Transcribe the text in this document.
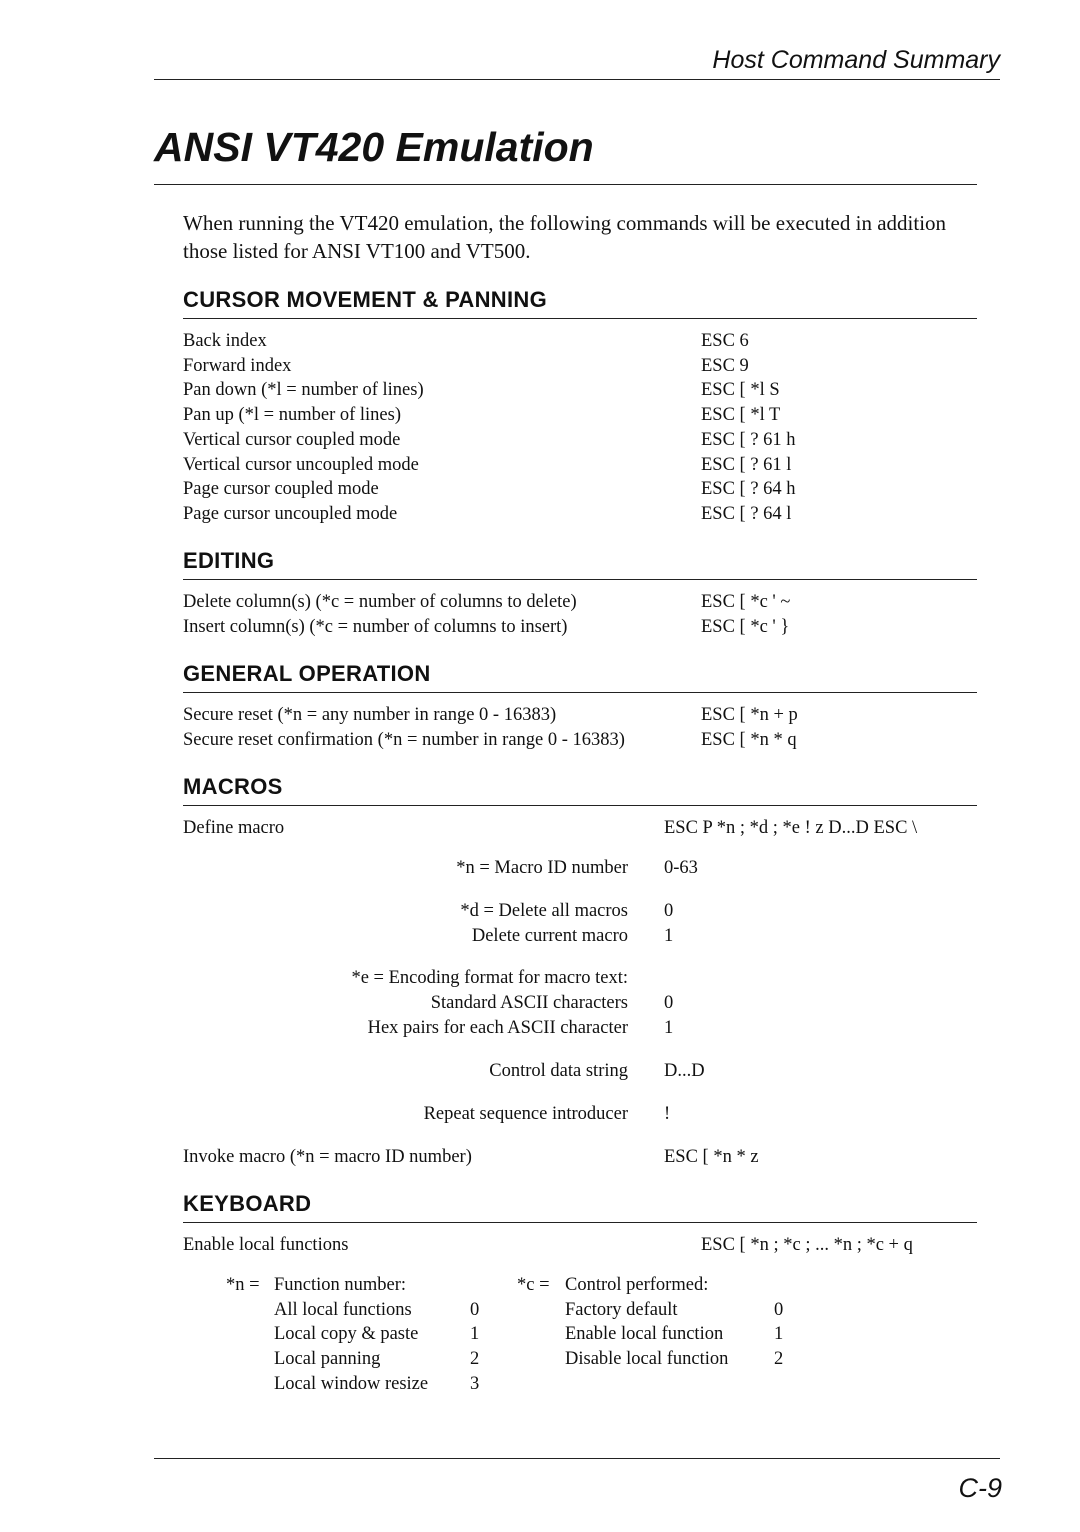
Host Command Summary
ANSI VT420 Emulation
When running the VT420 emulation, the following commands will be executed in addition those listed for ANSI VT100 and VT500.
CURSOR MOVEMENT & PANNING
Back index	ESC 6
Forward index	ESC 9
Pan down (*l = number of lines)	ESC [ *l S
Pan up (*l = number of lines)	ESC [ *l T
Vertical cursor coupled mode	ESC [ ? 61 h
Vertical cursor uncoupled mode	ESC [ ? 61 l
Page cursor coupled mode	ESC [ ? 64 h
Page cursor uncoupled mode	ESC [ ? 64 l
EDITING
Delete column(s) (*c = number of columns to delete)	ESC [ *c ' ~
Insert column(s) (*c = number of columns to insert)	ESC [ *c ' }
GENERAL OPERATION
Secure reset (*n = any number in range 0 - 16383)	ESC [ *n + p
Secure reset confirmation (*n = number in range 0 - 16383)	ESC [ *n * q
MACROS
Define macro	ESC P *n ; *d ; *e ! z D...D ESC \
*n = Macro ID number 0-63
*d = Delete all macros 0
Delete current macro 1
*e = Encoding format for macro text:
Standard ASCII characters 0
Hex pairs for each ASCII character 1
Control data string D...D
Repeat sequence introducer !
Invoke macro (*n = macro ID number)	ESC [ *n * z
KEYBOARD
Enable local functions	ESC [ *n ; *c ; ... *n ; *c + q
*n = Function number:
All local functions	0
Local copy & paste	1
Local panning	2
Local window resize 3
*c = Control performed:
Factory default	0
Enable local function	1
Disable local function 2
C-9
